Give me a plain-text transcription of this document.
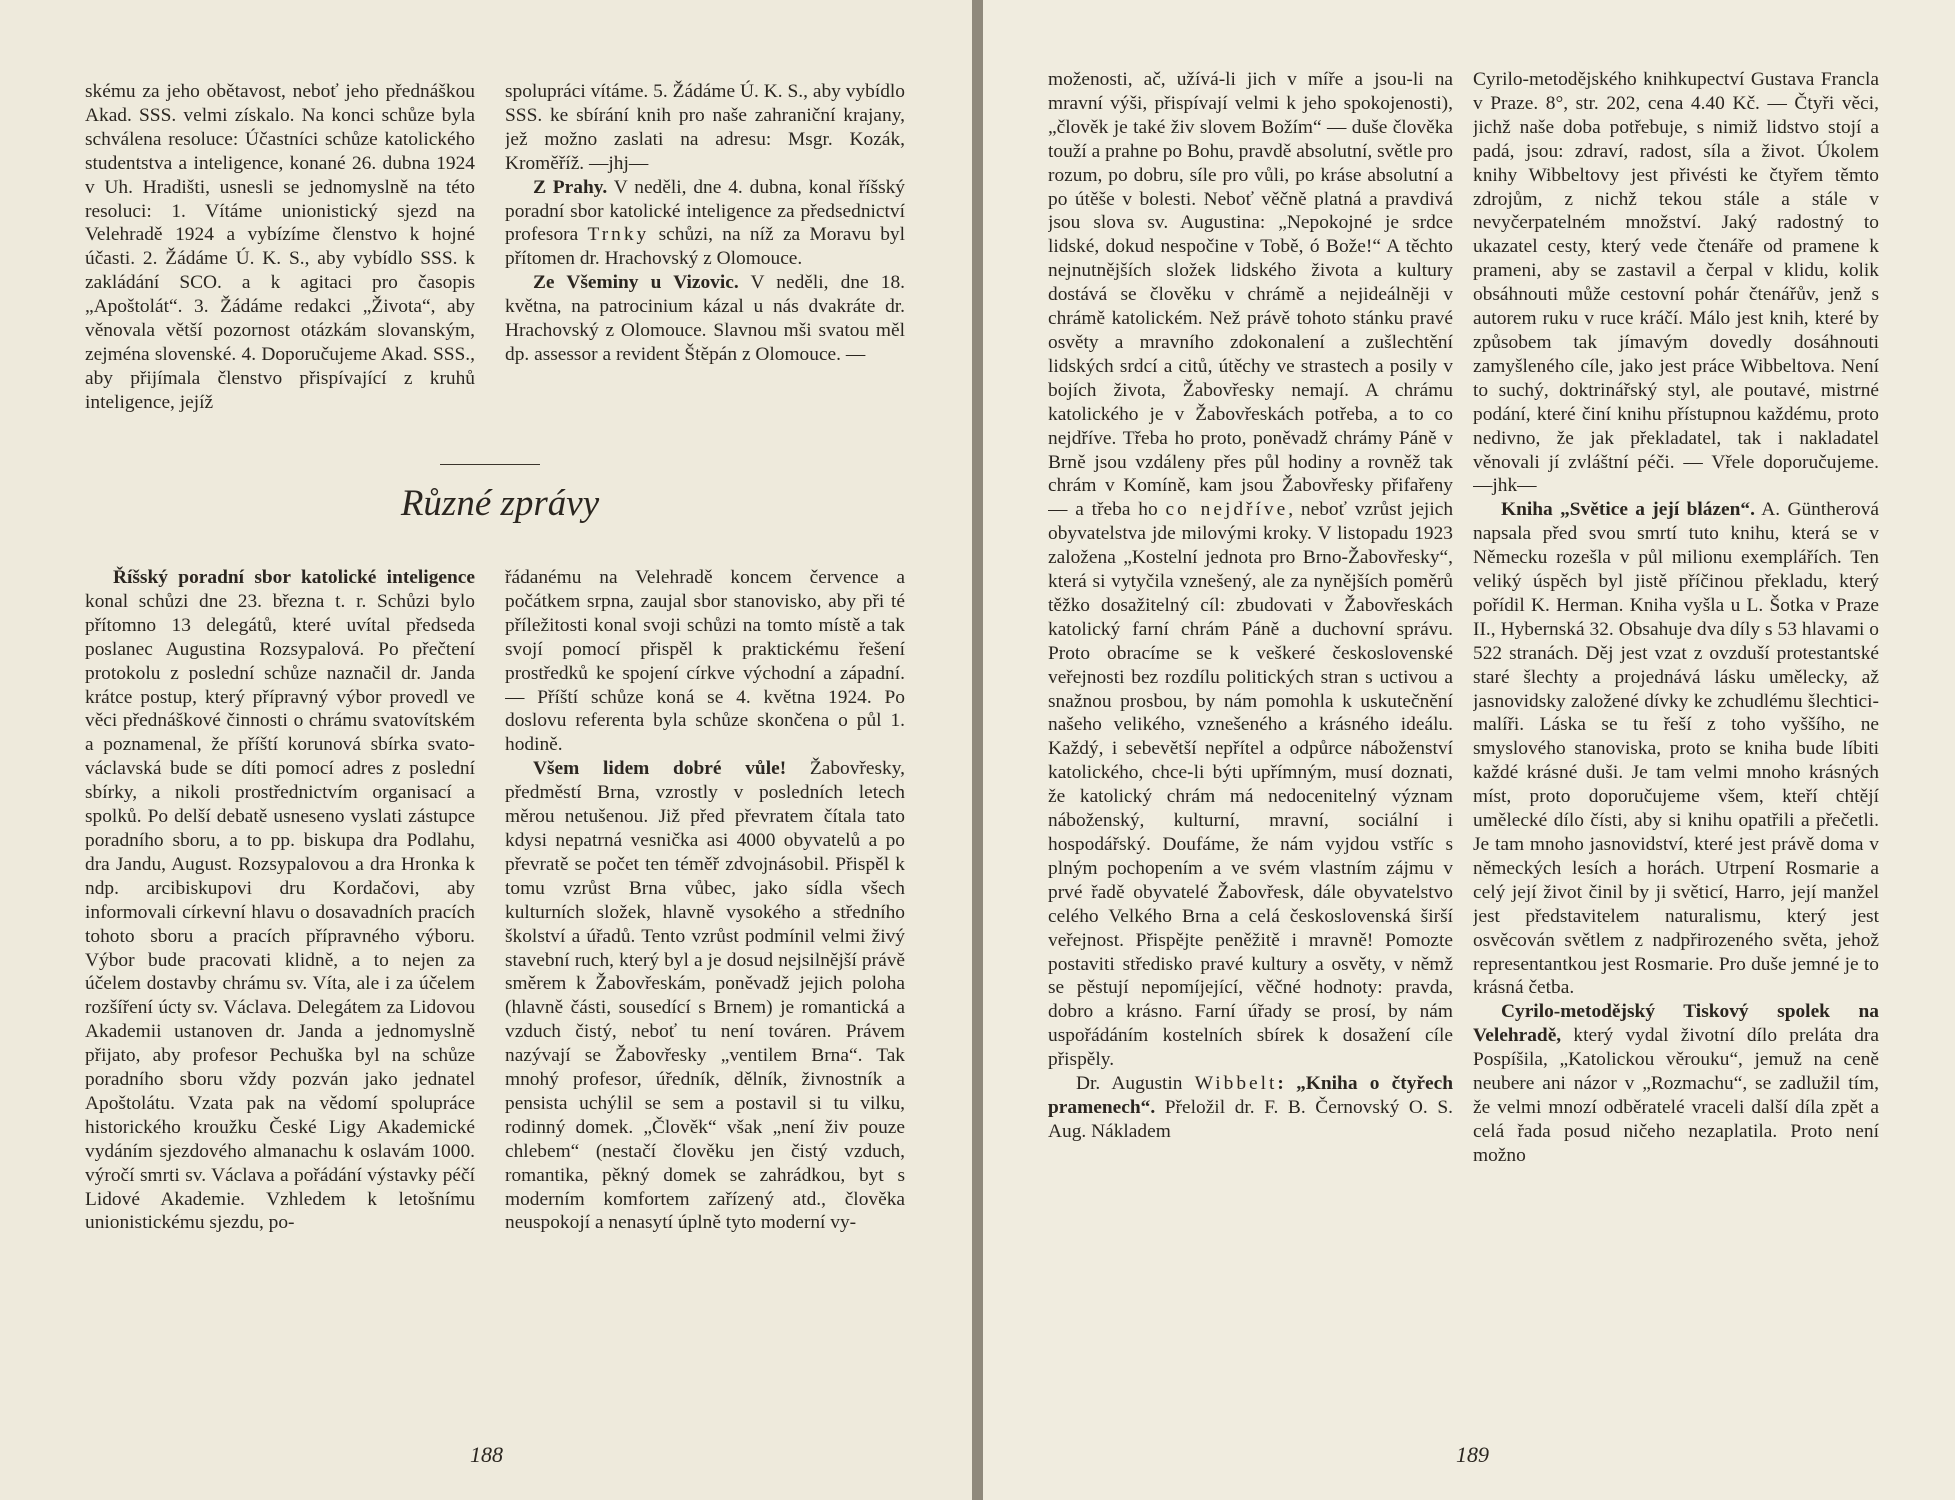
skému za jeho obětavost, neboť jeho přednáškou Akad. SSS. velmi získalo. Na konci schůze byla schválena resoluce: Účastníci schůze katolického studentstva a inteligence, konané 26. dubna 1924 v Uh. Hradišti, usnesli se jednomyslně na této resoluci: 1. Vítáme unionistický sjezd na Velehradě 1924 a vybízíme členstvo k hojné účasti. 2. Žádáme Ú. K. S., aby vybídlo SSS. k zakládání SCO. a k agitaci pro časopis „Apoštolát“. 3. Žádáme redakci „Života“, aby věnovala větší pozornost otázkám slovanským, zejména slovenské. 4. Doporučujeme Akad. SSS., aby přijímala členstvo přispívající z kruhů inteligence, jejíž

spolupráci vítáme. 5. Žádáme Ú. K. S., aby vybídlo SSS. ke sbírání knih pro naše zahraniční krajany, jež možno zaslati na adresu: Msgr. Kozák, Kroměříž. —jhj—

Z Prahy. V neděli, dne 4. dubna, konal říšský poradní sbor katolické inteligence za předsednictví profesora Trnky schůzi, na níž za Moravu byl přítomen dr. Hrachovský z Olomouce.

Ze Všeminy u Vizovic. V neděli, dne 18. května, na patrocinium kázal u nás dvakráte dr. Hrachovský z Olomouce. Slavnou mši svatou měl dp. assessor a revident Štěpán z Olomouce. —

Různé zprávy

Říšský poradní sbor katolické inteligence konal schůzi dne 23. března t. r. Schůzi bylo přítomno 13 delegátů, které uvítal předseda poslanec Augustina Rozsypalová. Po přečtení protokolu z poslední schůze naznačil dr. Janda krátce postup, který přípravný výbor provedl ve věci přednáškové činnosti o chrámu svatovítském a poznamenal, že příští korunová sbírka svato-václavská bude se díti pomocí adres z poslední sbírky, a nikoli prostřednictvím organisací a spolků. Po delší debatě usneseno vyslati zástupce poradního sboru, a to pp. biskupa dra Podlahu, dra Jandu, August. Rozsypalovou a dra Hronka k ndp. arcibiskupovi dru Kordačovi, aby informovali církevní hlavu o dosavadních pracích tohoto sboru a pracích přípravného výboru. Výbor bude pracovati klidně, a to nejen za účelem dostavby chrámu sv. Víta, ale i za účelem rozšíření úcty sv. Václava. Delegátem za Lidovou Akademii ustanoven dr. Janda a jednomyslně přijato, aby profesor Pechuška byl na schůze poradního sboru vždy pozván jako jednatel Apoštolátu. Vzata pak na vědomí spolupráce historického kroužku České Ligy Akademické vydáním sjezdového almanachu k oslavám 1000. výročí smrti sv. Václava a pořádání výstavky péčí Lidové Akademie. Vzhledem k letošnímu unionistickému sjezdu, po-

řádanému na Velehradě koncem července a počátkem srpna, zaujal sbor stanovisko, aby při té příležitosti konal svoji schůzi na tomto místě a tak svojí pomocí přispěl k praktickému řešení prostředků ke spojení církve východní a západní. — Příští schůze koná se 4. května 1924. Po doslovu referenta byla schůze skončena o půl 1. hodině.

Všem lidem dobré vůle! Žabovřesky, předměstí Brna, vzrostly v posledních letech měrou netušenou. Již před převratem čítala tato kdysi nepatrná vesnička asi 4000 obyvatelů a po převratě se počet ten téměř zdvojnásobil. Přispěl k tomu vzrůst Brna vůbec, jako sídla všech kulturních složek, hlavně vysokého a středního školství a úřadů. Tento vzrůst podmínil velmi živý stavební ruch, který byl a je dosud nejsilnější právě směrem k Žabovřeskám, poněvadž jejich poloha (hlavně části, sousedící s Brnem) je romantická a vzduch čistý, neboť tu není továren. Právem nazývají se Žabovřesky „ventilem Brna“. Tak mnohý profesor, úředník, dělník, živnostník a pensista uchýlil se sem a postavil si tu vilku, rodinný domek. „Člověk“ však „není živ pouze chlebem“ (nestačí člověku jen čistý vzduch, romantika, pěkný domek se zahrádkou, byt s moderním komfortem zařízený atd., člověka neuspokojí a nenasytí úplně tyto moderní vy-

188

moženosti, ač, užívá-li jich v míře a jsou-li na mravní výši, přispívají velmi k jeho spokojenosti), „člověk je také živ slovem Božím“ — duše člověka touží a prahne po Bohu, pravdě absolutní, světle pro rozum, po dobru, síle pro vůli, po kráse absolutní a po útěše v bolesti. Neboť věčně platná a pravdivá jsou slova sv. Augustina: „Nepokojné je srdce lidské, dokud nespočine v Tobě, ó Bože!“ A těchto nejnutnějších složek lidského života a kultury dostává se člověku v chrámě a nejideálněji v chrámě katolickém. Než právě tohoto stánku pravé osvěty a mravního zdokonalení a zušlechtění lidských srdcí a citů, útěchy ve strastech a posily v bojích života, Žabovřesky nemají. A chrámu katolického je v Žabovřeskách potřeba, a to co nejdříve. Třeba ho proto, poněvadž chrámy Páně v Brně jsou vzdáleny přes půl hodiny a rovněž tak chrám v Komíně, kam jsou Žabovřesky přifařeny — a třeba ho co nejdříve, neboť vzrůst jejich obyvatelstva jde milovými kroky. V listopadu 1923 založena „Kostelní jednota pro Brno-Žabovřesky“, která si vytyčila vznešený, ale za nynějších poměrů těžko dosažitelný cíl: zbudovati v Žabovřeskách katolický farní chrám Páně a duchovní správu. Proto obracíme se k veškeré československé veřejnosti bez rozdílu politických stran s uctivou a snažnou prosbou, by nám pomohla k uskutečnění našeho velikého, vznešeného a krásného ideálu. Každý, i sebevětší nepřítel a odpůrce náboženství katolického, chce-li býti upřímným, musí doznati, že katolický chrám má nedocenitelný význam náboženský, kulturní, mravní, sociální i hospodářský. Doufáme, že nám vyjdou vstříc s plným pochopením a ve svém vlastním zájmu v prvé řadě obyvatelé Žabovřesk, dále obyvatelstvo celého Velkého Brna a celá československá širší veřejnost. Přispějte peněžitě i mravně! Pomozte postaviti středisko pravé kultury a osvěty, v němž se pěstují nepomíjející, věčné hodnoty: pravda, dobro a krásno. Farní úřady se prosí, by nám uspořádáním kostelních sbírek k dosažení cíle přispěly.

Dr. Augustin Wibbelt: „Kniha o čtyřech pramenech“. Přeložil dr. F. B. Černovský O. S. Aug. Nákladem

Cyrilo-metodějského knihkupectví Gustava Francla v Praze. 8°, str. 202, cena 4.40 Kč. — Čtyři věci, jichž naše doba potřebuje, s nimiž lidstvo stojí a padá, jsou: zdraví, radost, síla a život. Úkolem knihy Wibbeltovy jest přivésti ke čtyřem těmto zdrojům, z nichž tekou stále a stále v nevyčerpatelném množství. Jaký radostný to ukazatel cesty, který vede čtenáře od pramene k prameni, aby se zastavil a čerpal v klidu, kolik obsáhnouti může cestovní pohár čtenářův, jenž s autorem ruku v ruce kráčí. Málo jest knih, které by způsobem tak jímavým dovedly dosáhnouti zamyšleného cíle, jako jest práce Wibbeltova. Není to suchý, doktrinářský styl, ale poutavé, mistrné podání, které činí knihu přístupnou každému, proto nedivno, že jak překladatel, tak i nakladatel věnovali jí zvláštní péči. — Vřele doporučujeme. —jhk—

Kniha „Světice a její blázen“. A. Güntherová napsala před svou smrtí tuto knihu, která se v Německu rozešla v půl milionu exemplářích. Ten veliký úspěch byl jistě příčinou překladu, který pořídil K. Herman. Kniha vyšla u L. Šotka v Praze II., Hybernská 32. Obsahuje dva díly s 53 hlavami o 522 stranách. Děj jest vzat z ovzduší protestantské staré šlechty a projednává lásku umělecky, až jasnovidsky založené dívky ke zchudlému šlechtici-malíři. Láska se tu řeší z toho vyššího, ne smyslového stanoviska, proto se kniha bude líbiti každé krásné duši. Je tam velmi mnoho krásných míst, proto doporučujeme všem, kteří chtějí umělecké dílo čísti, aby si knihu opatřili a přečetli. Je tam mnoho jasnovidství, které jest právě doma v německých lesích a horách. Utrpení Rosmarie a celý její život činil by ji světicí, Harro, její manžel jest představitelem naturalismu, který jest osvěcován světlem z nadpřirozeného světa, jehož representantkou jest Rosmarie. Pro duše jemné je to krásná četba.

Cyrilo-metodějský Tiskový spolek na Velehradě, který vydal životní dílo preláta dra Pospíšila, „Katolickou věrouku“, jemuž na ceně neubere ani názor v „Rozmachu“, se zadlužil tím, že velmi mnozí odběratelé vraceli další díla zpět a celá řada posud ničeho nezaplatila. Proto není možno

189
